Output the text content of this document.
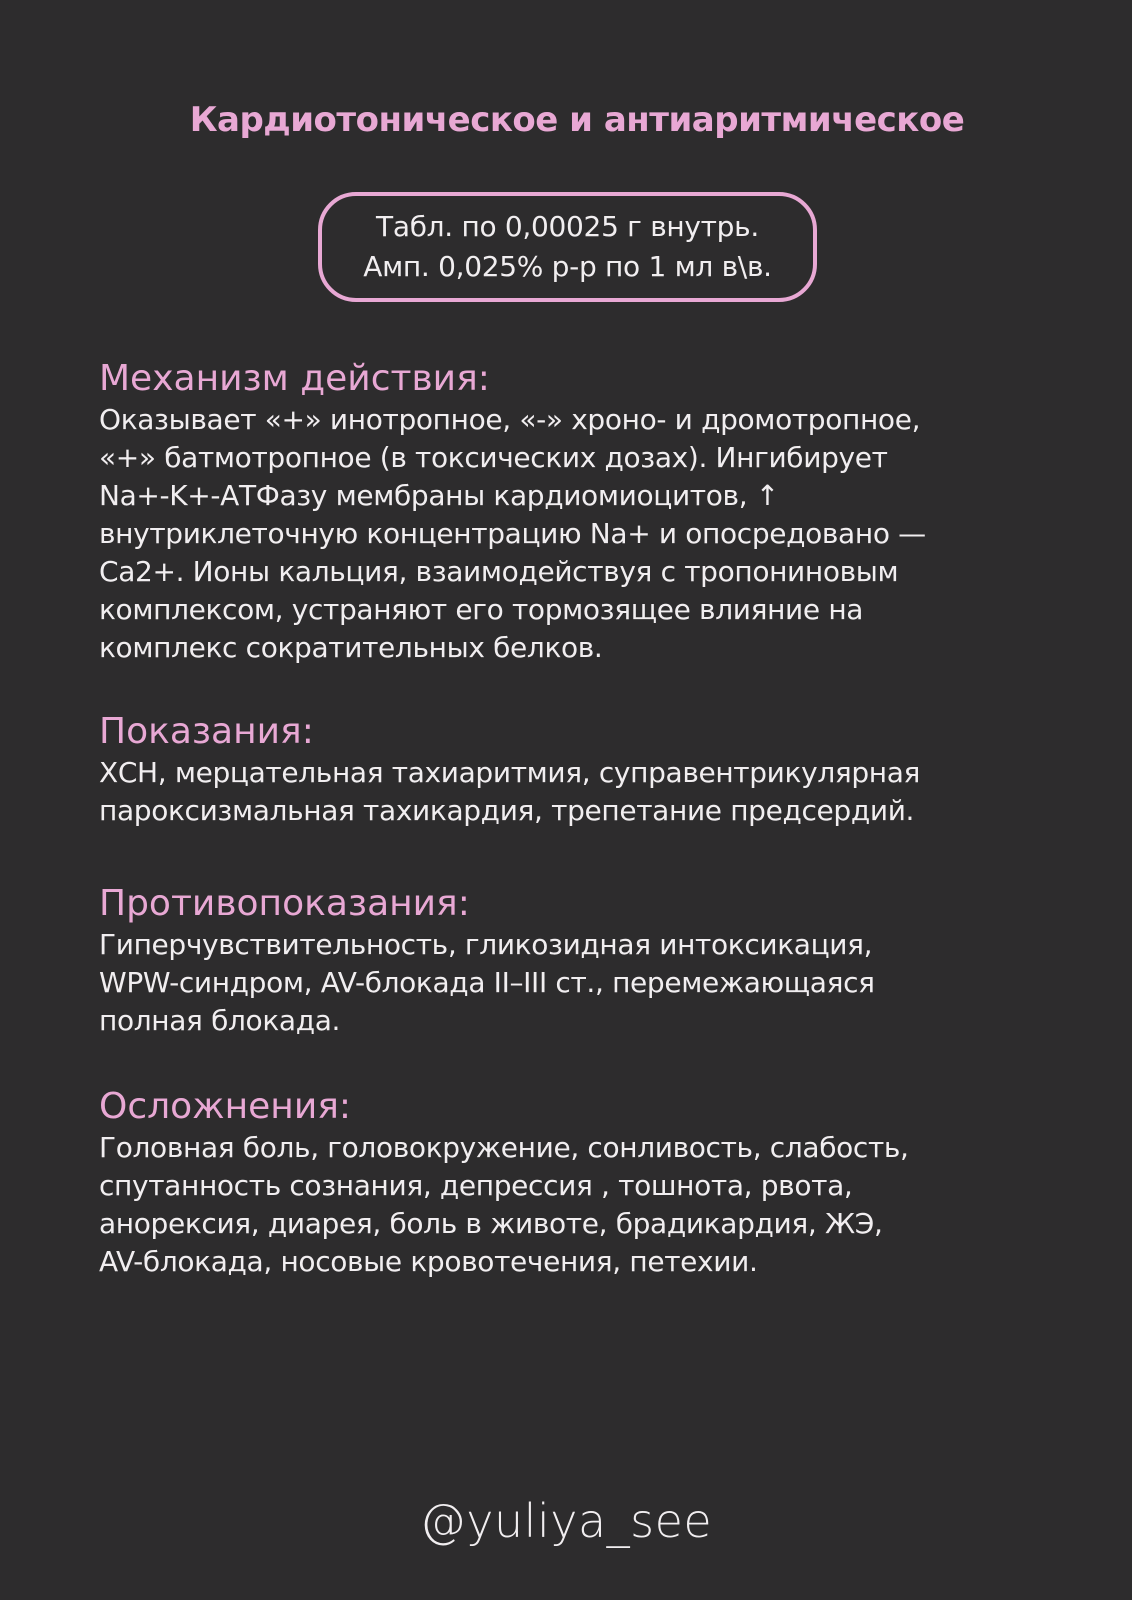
Кардиотоническое и антиаритмическое
Табл. по 0,00025 г внутрь.
Амп. 0,025% р-р по 1 мл в\в.
Механизм действия:

Оказывает «+» инотропное, «-» хроно- и дромотропное,
«+» батмотропное (в токсических дозах). Ингибирует
Na+-K+-АТФазу мембраны кардиомиоцитов, ↑
внутриклеточную концентрацию Na+ и опосредовано —
Ca2+. Ионы кальция, взаимодействуя с тропониновым
комплексом, устраняют его тормозящее влияние на
комплекс сократительных белков.

Показания:

ХСН, мерцательная тахиаритмия, суправентрикулярная
пароксизмальная тахикардия, трепетание предсердий.

Противопоказания:

Гиперчувствительность, гликозидная интоксикация,
WPW-синдром, AV-блокада II–III ст., перемежающаяся
полная блокада.

Осложнения:

Головная боль, головокружение, сонливость, слабость,
спутанность сознания, депрессия , тошнота, рвота,
анорексия, диарея, боль в животе, брадикардия, ЖЭ,
AV-блокада, носовые кровотечения, петехии.

@yuliya_see
